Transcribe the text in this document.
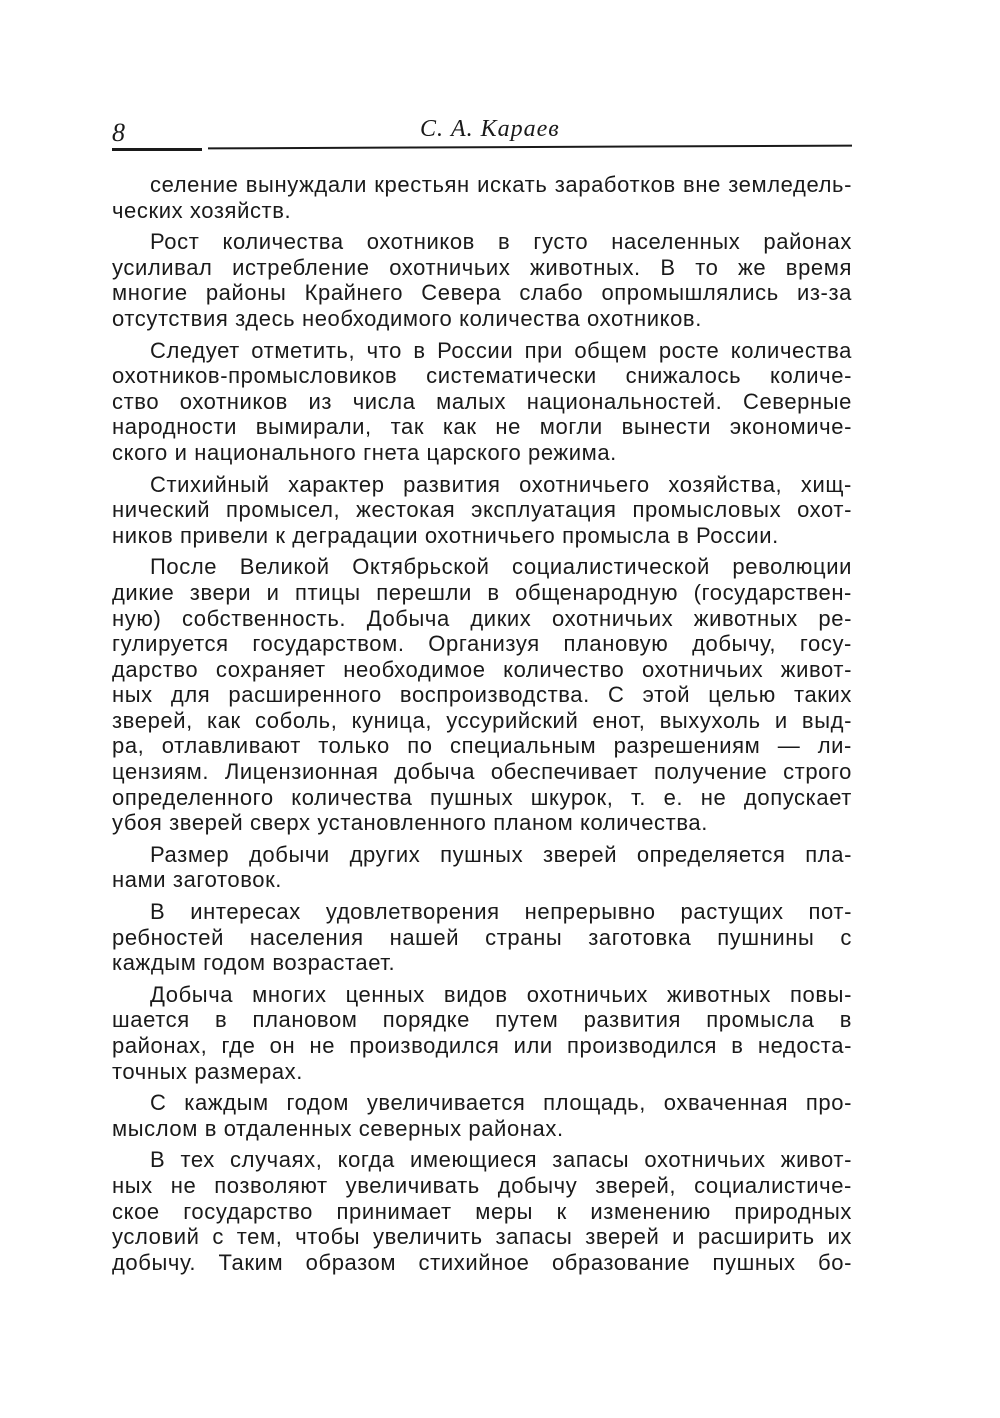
8	С. А. Караев
селение вынуждали крестьян искать заработков вне земледель-
ческих хозяйств.
Рост количества охотников в густо населенных районах
усиливал истребление охотничьих животных. В то же время
многие районы Крайнего Севера слабо опромышлялись из-за
отсутствия здесь необходимого количества охотников.
Следует отметить, что в России при общем росте количества
охотников-промысловиков систематически снижалось количе-
ство охотников из числа малых национальностей. Северные
народности вымирали, так как не могли вынести экономиче-
ского и национального гнета царского режима.
Стихийный характер развития охотничьего хозяйства, хищ-
нический промысел, жестокая эксплуатация промысловых охот-
ников привели к деградации охотничьего промысла в России.
После Великой Октябрьской социалистической революции
дикие звери и птицы перешли в общенародную (государствен-
ную) собственность. Добыча диких охотничьих животных ре-
гулируется государством. Организуя плановую добычу, госу-
дарство сохраняет необходимое количество охотничьих живот-
ных для расширенного воспроизводства. С этой целью таких
зверей, как соболь, куница, уссурийский енот, выхухоль и выд-
ра, отлавливают только по специальным разрешениям — ли-
цензиям. Лицензионная добыча обеспечивает получение строго
определенного количества пушных шкурок, т. е. не допускает
убоя зверей сверх установленного планом количества.
Размер добычи других пушных зверей определяется пла-
нами заготовок.
В интересах удовлетворения непрерывно растущих пот-
ребностей населения нашей страны заготовка пушнины с
каждым годом возрастает.
Добыча многих ценных видов охотничьих животных повы-
шается в плановом порядке путем развития промысла в
районах, где он не производился или производился в недоста-
точных размерах.
С каждым годом увеличивается площадь, охваченная про-
мыслом в отдаленных северных районах.
В тех случаях, когда имеющиеся запасы охотничьих живот-
ных не позволяют увеличивать добычу зверей, социалистиче-
ское государство принимает меры к изменению природных
условий с тем, чтобы увеличить запасы зверей и расширить их
добычу. Таким образом стихийное образование пушных бо-
